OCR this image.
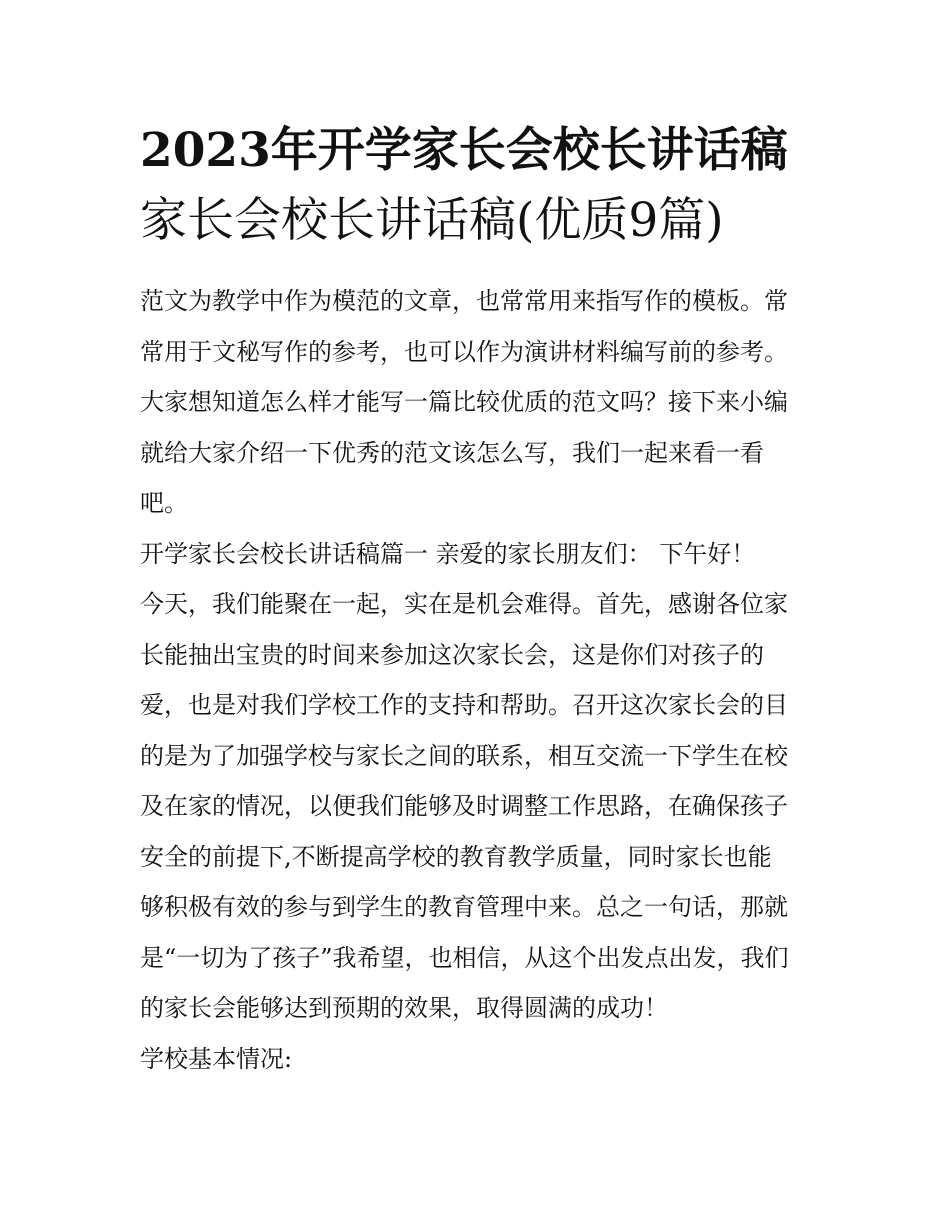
2023年开学家长会校长讲话稿
家长会校长讲话稿(优质9篇)
范文为教学中作为模范的文章，也常常用来指写作的模板。常
常用于文秘写作的参考，也可以作为演讲材料编写前的参考。
大家想知道怎么样才能写一篇比较优质的范文吗？接下来小编
就给大家介绍一下优秀的范文该怎么写，我们一起来看一看
吧。
开学家长会校长讲话稿篇一 亲爱的家长朋友们： 下午好！
今天，我们能聚在一起，实在是机会难得。首先，感谢各位家
长能抽出宝贵的时间来参加这次家长会，这是你们对孩子的
爱，也是对我们学校工作的支持和帮助。召开这次家长会的目
的是为了加强学校与家长之间的联系，相互交流一下学生在校
及在家的情况，以便我们能够及时调整工作思路，在确保孩子
安全的前提下,不断提高学校的教育教学质量，同时家长也能
够积极有效的参与到学生的教育管理中来。总之一句话，那就
是“一切为了孩子”我希望，也相信，从这个出发点出发，我们
的家长会能够达到预期的效果，取得圆满的成功！
学校基本情况:
